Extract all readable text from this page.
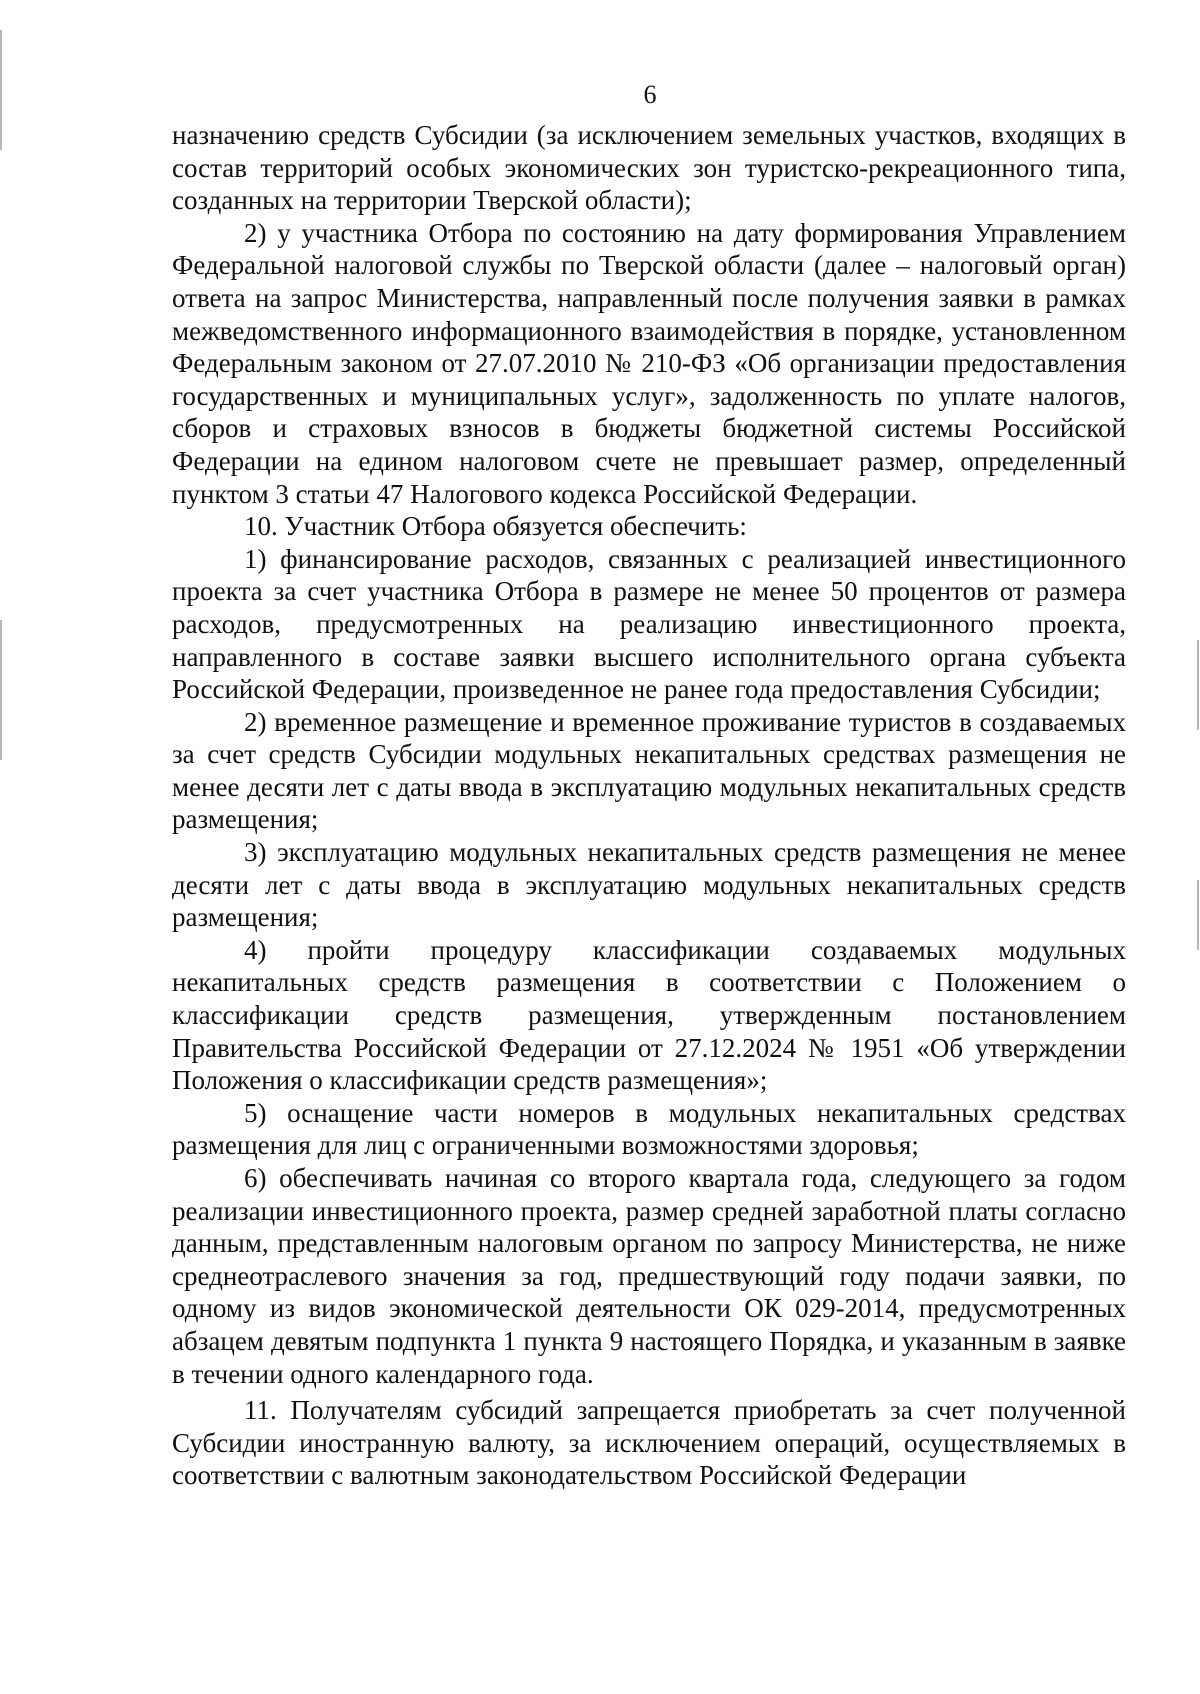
6

назначению средств Субсидии (за исключением земельных участков, входящих в состав территорий особых экономических зон туристско-рекреационного типа, созданных на территории Тверской области);

2) у участника Отбора по состоянию на дату формирования Управлением Федеральной налоговой службы по Тверской области (далее – налоговый орган) ответа на запрос Министерства, направленный после получения заявки в рамках межведомственного информационного взаимодействия в порядке, установленном Федеральным законом от 27.07.2010 № 210-ФЗ «Об организации предоставления государственных и муниципальных услуг», задолженность по уплате налогов, сборов и страховых взносов в бюджеты бюджетной системы Российской Федерации на едином налоговом счете не превышает размер, определенный пунктом 3 статьи 47 Налогового кодекса Российской Федерации.

10. Участник Отбора обязуется обеспечить:

1) финансирование расходов, связанных с реализацией инвестиционного проекта за счет участника Отбора в размере не менее 50 процентов от размера расходов, предусмотренных на реализацию инвестиционного проекта, направленного в составе заявки высшего исполнительного органа субъекта Российской Федерации, произведенное не ранее года предоставления Субсидии;

2) временное размещение и временное проживание туристов в создаваемых за счет средств Субсидии модульных некапитальных средствах размещения не менее десяти лет с даты ввода в эксплуатацию модульных некапитальных средств размещения;

3) эксплуатацию модульных некапитальных средств размещения не менее десяти лет с даты ввода в эксплуатацию модульных некапитальных средств размещения;

4) пройти процедуру классификации создаваемых модульных некапитальных средств размещения в соответствии с Положением о классификации средств размещения, утвержденным постановлением Правительства Российской Федерации от 27.12.2024 № 1951 «Об утверждении Положения о классификации средств размещения»;

5) оснащение части номеров в модульных некапитальных средствах размещения для лиц с ограниченными возможностями здоровья;

6) обеспечивать начиная со второго квартала года, следующего за годом реализации инвестиционного проекта, размер средней заработной платы согласно данным, представленным налоговым органом по запросу Министерства, не ниже среднеотраслевого значения за год, предшествующий году подачи заявки, по одному из видов экономической деятельности ОК 029-2014, предусмотренных абзацем девятым подпункта 1 пункта 9 настоящего Порядка, и указанным в заявке в течении одного календарного года.

11. Получателям субсидий запрещается приобретать за счет полученной Субсидии иностранную валюту, за исключением операций, осуществляемых в соответствии с валютным законодательством Российской Федерации
